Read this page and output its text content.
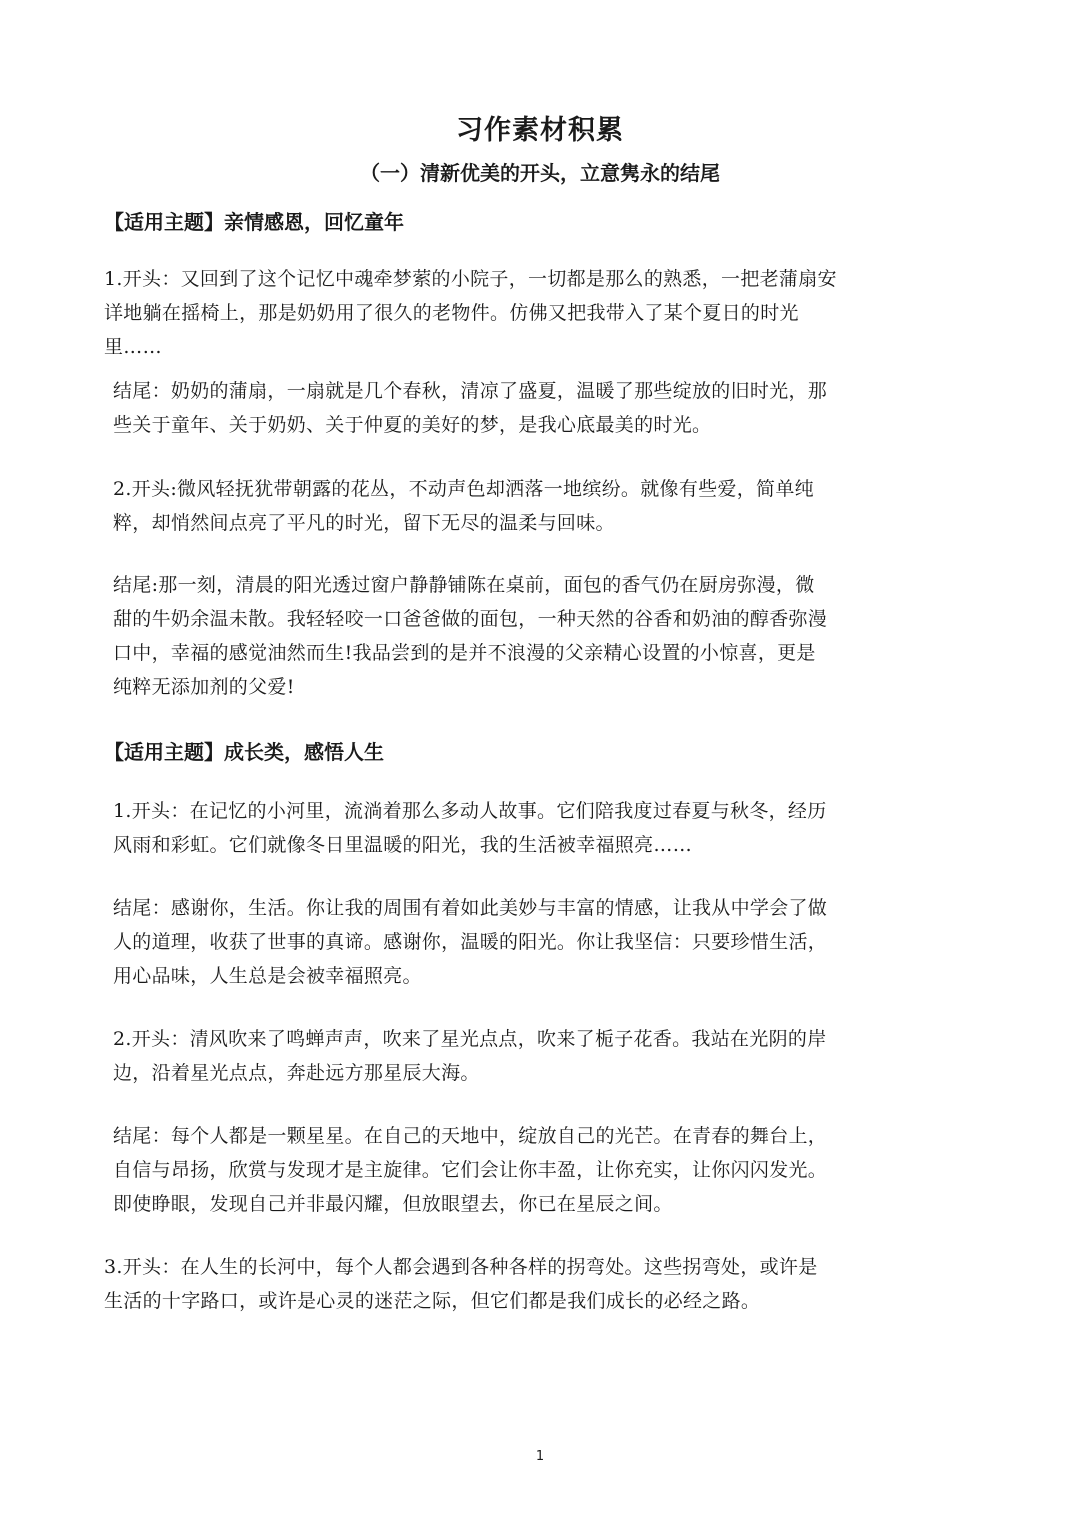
习作素材积累
（一）清新优美的开头，立意隽永的结尾
【适用主题】亲情感恩，回忆童年
1.开头：又回到了这个记忆中魂牵梦萦的小院子，一切都是那么的熟悉，一把老蒲扇安
详地躺在摇椅上，那是奶奶用了很久的老物件。仿佛又把我带入了某个夏日的时光
里……
结尾：奶奶的蒲扇，一扇就是几个春秋，清凉了盛夏，温暖了那些绽放的旧时光，那
些关于童年、关于奶奶、关于仲夏的美好的梦，是我心底最美的时光。
2.开头:微风轻抚犹带朝露的花丛，不动声色却洒落一地缤纷。就像有些爱，简单纯
粹，却悄然间点亮了平凡的时光，留下无尽的温柔与回味。
结尾:那一刻，清晨的阳光透过窗户静静铺陈在桌前，面包的香气仍在厨房弥漫，微
甜的牛奶余温未散。我轻轻咬一口爸爸做的面包，一种天然的谷香和奶油的醇香弥漫
口中，幸福的感觉油然而生!我品尝到的是并不浪漫的父亲精心设置的小惊喜，更是
纯粹无添加剂的父爱!
【适用主题】成长类，感悟人生
1.开头：在记忆的小河里，流淌着那么多动人故事。它们陪我度过春夏与秋冬，经历
风雨和彩虹。它们就像冬日里温暖的阳光，我的生活被幸福照亮……
结尾：感谢你，生活。你让我的周围有着如此美妙与丰富的情感，让我从中学会了做
人的道理，收获了世事的真谛。感谢你，温暖的阳光。你让我坚信：只要珍惜生活，
用心品味，人生总是会被幸福照亮。
2.开头：清风吹来了鸣蝉声声，吹来了星光点点，吹来了栀子花香。我站在光阴的岸
边，沿着星光点点，奔赴远方那星辰大海。
结尾：每个人都是一颗星星。在自己的天地中，绽放自己的光芒。在青春的舞台上，
自信与昂扬，欣赏与发现才是主旋律。它们会让你丰盈，让你充实，让你闪闪发光。
即使睁眼，发现自己并非最闪耀，但放眼望去，你已在星辰之间。
3.开头：在人生的长河中，每个人都会遇到各种各样的拐弯处。这些拐弯处，或许是
生活的十字路口，或许是心灵的迷茫之际，但它们都是我们成长的必经之路。
1
